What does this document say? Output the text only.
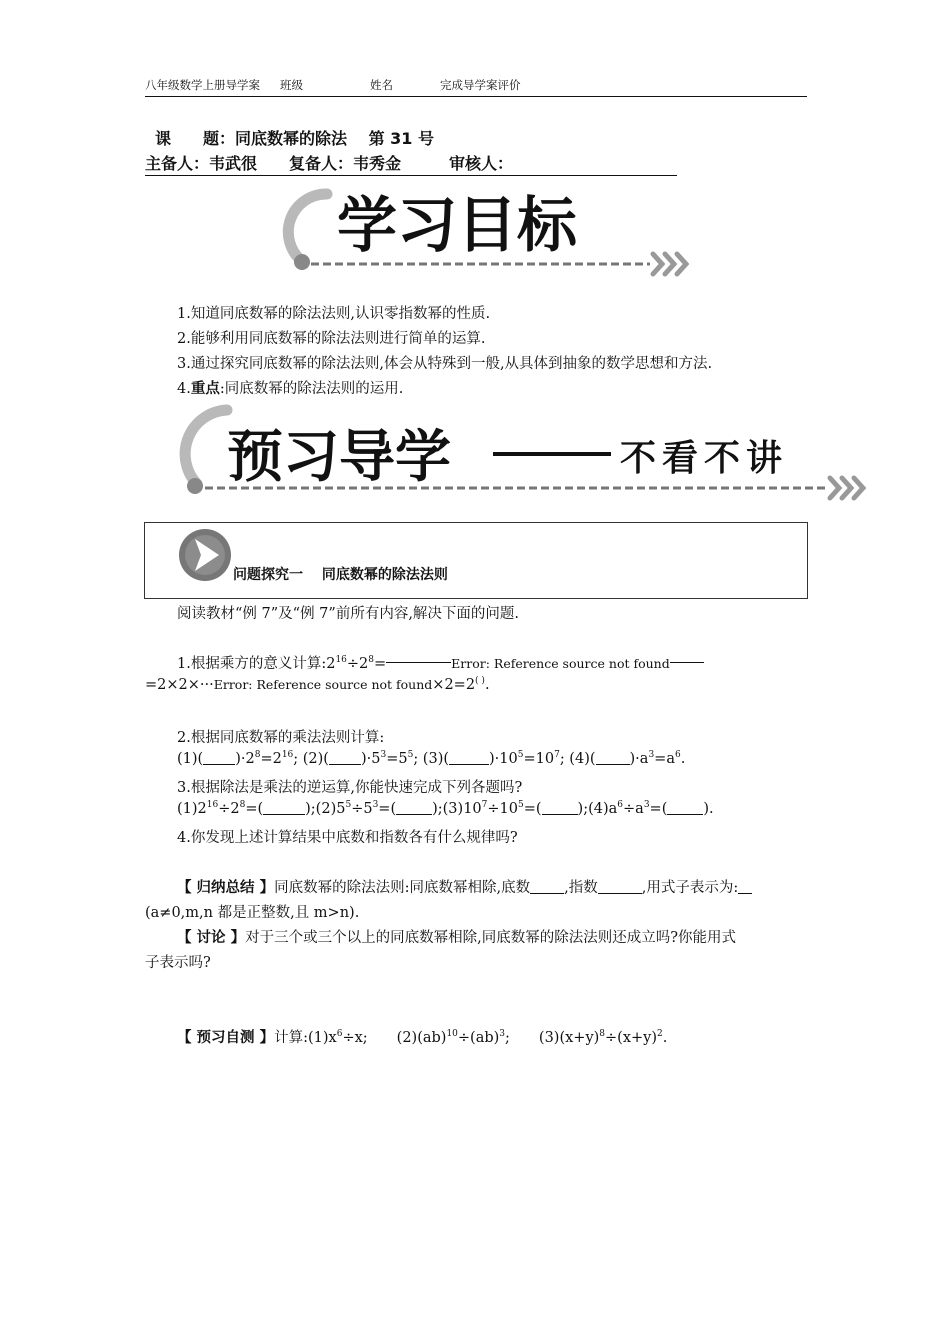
八年级数学上册导学案 班级	姓名	完成导学案评价
课　　题：同底数幂的除法　 第 31 号
主备人：韦武很　　复备人：韦秀金　　　审核人：
学习目标
1.知道同底数幂的除法法则,认识零指数幂的性质.
2.能够利用同底数幂的除法法则进行简单的运算.
3.通过探究同底数幂的除法法则,体会从特殊到一般,从具体到抽象的数学思想和方法.
4.重点:同底数幂的除法法则的运用.
预习导学	不看不讲
问题探究一　 同底数幂的除法法则
阅读教材“例 7”及“例 7”前所有内容,解决下面的问题.
1.根据乘方的意义计算$:2^{16}\div 2^8=$	Error: Reference source not found
=2×2×···Error: Reference source not found×2=2( ).
2.根据同底数幂的乘法法则计算:
(1)( )$\cdot 2^8=2^{16}$; (2)( )$\cdot 5^3=5^5$; (3)(	)$\cdot 10^5=10^7$; (4)( )$\cdot a^3=a^6$.
3.根据除法是乘法的逆运算,你能快速完成下列各题吗?
$(1)2^{16}\div 2^8=$(	)$;(2)5^5\div 5^3=$( )$;(3)10^7\div 10^5=$( )$;(4)a^6\div a^3=$( ).
4.你发现上述计算结果中底数和指数各有什么规律吗?
【 归纳总结 】同底数幂的除法法则:同底数幂相除,底数 ,指数	,用式子表示为:
(a≠0,m,n 都是正整数,且 m>n).
【 讨论 】对于三个或三个以上的同底数幂相除,同底数幂的除法法则还成立吗?你能用式
子表示吗?
【 预习自测 】计算$:(1)x^6\div x$;　　(2)(ab)$^{10}$÷(ab)$^3$;　　$(3)(x+y)^8\div(x+y)^2$.
